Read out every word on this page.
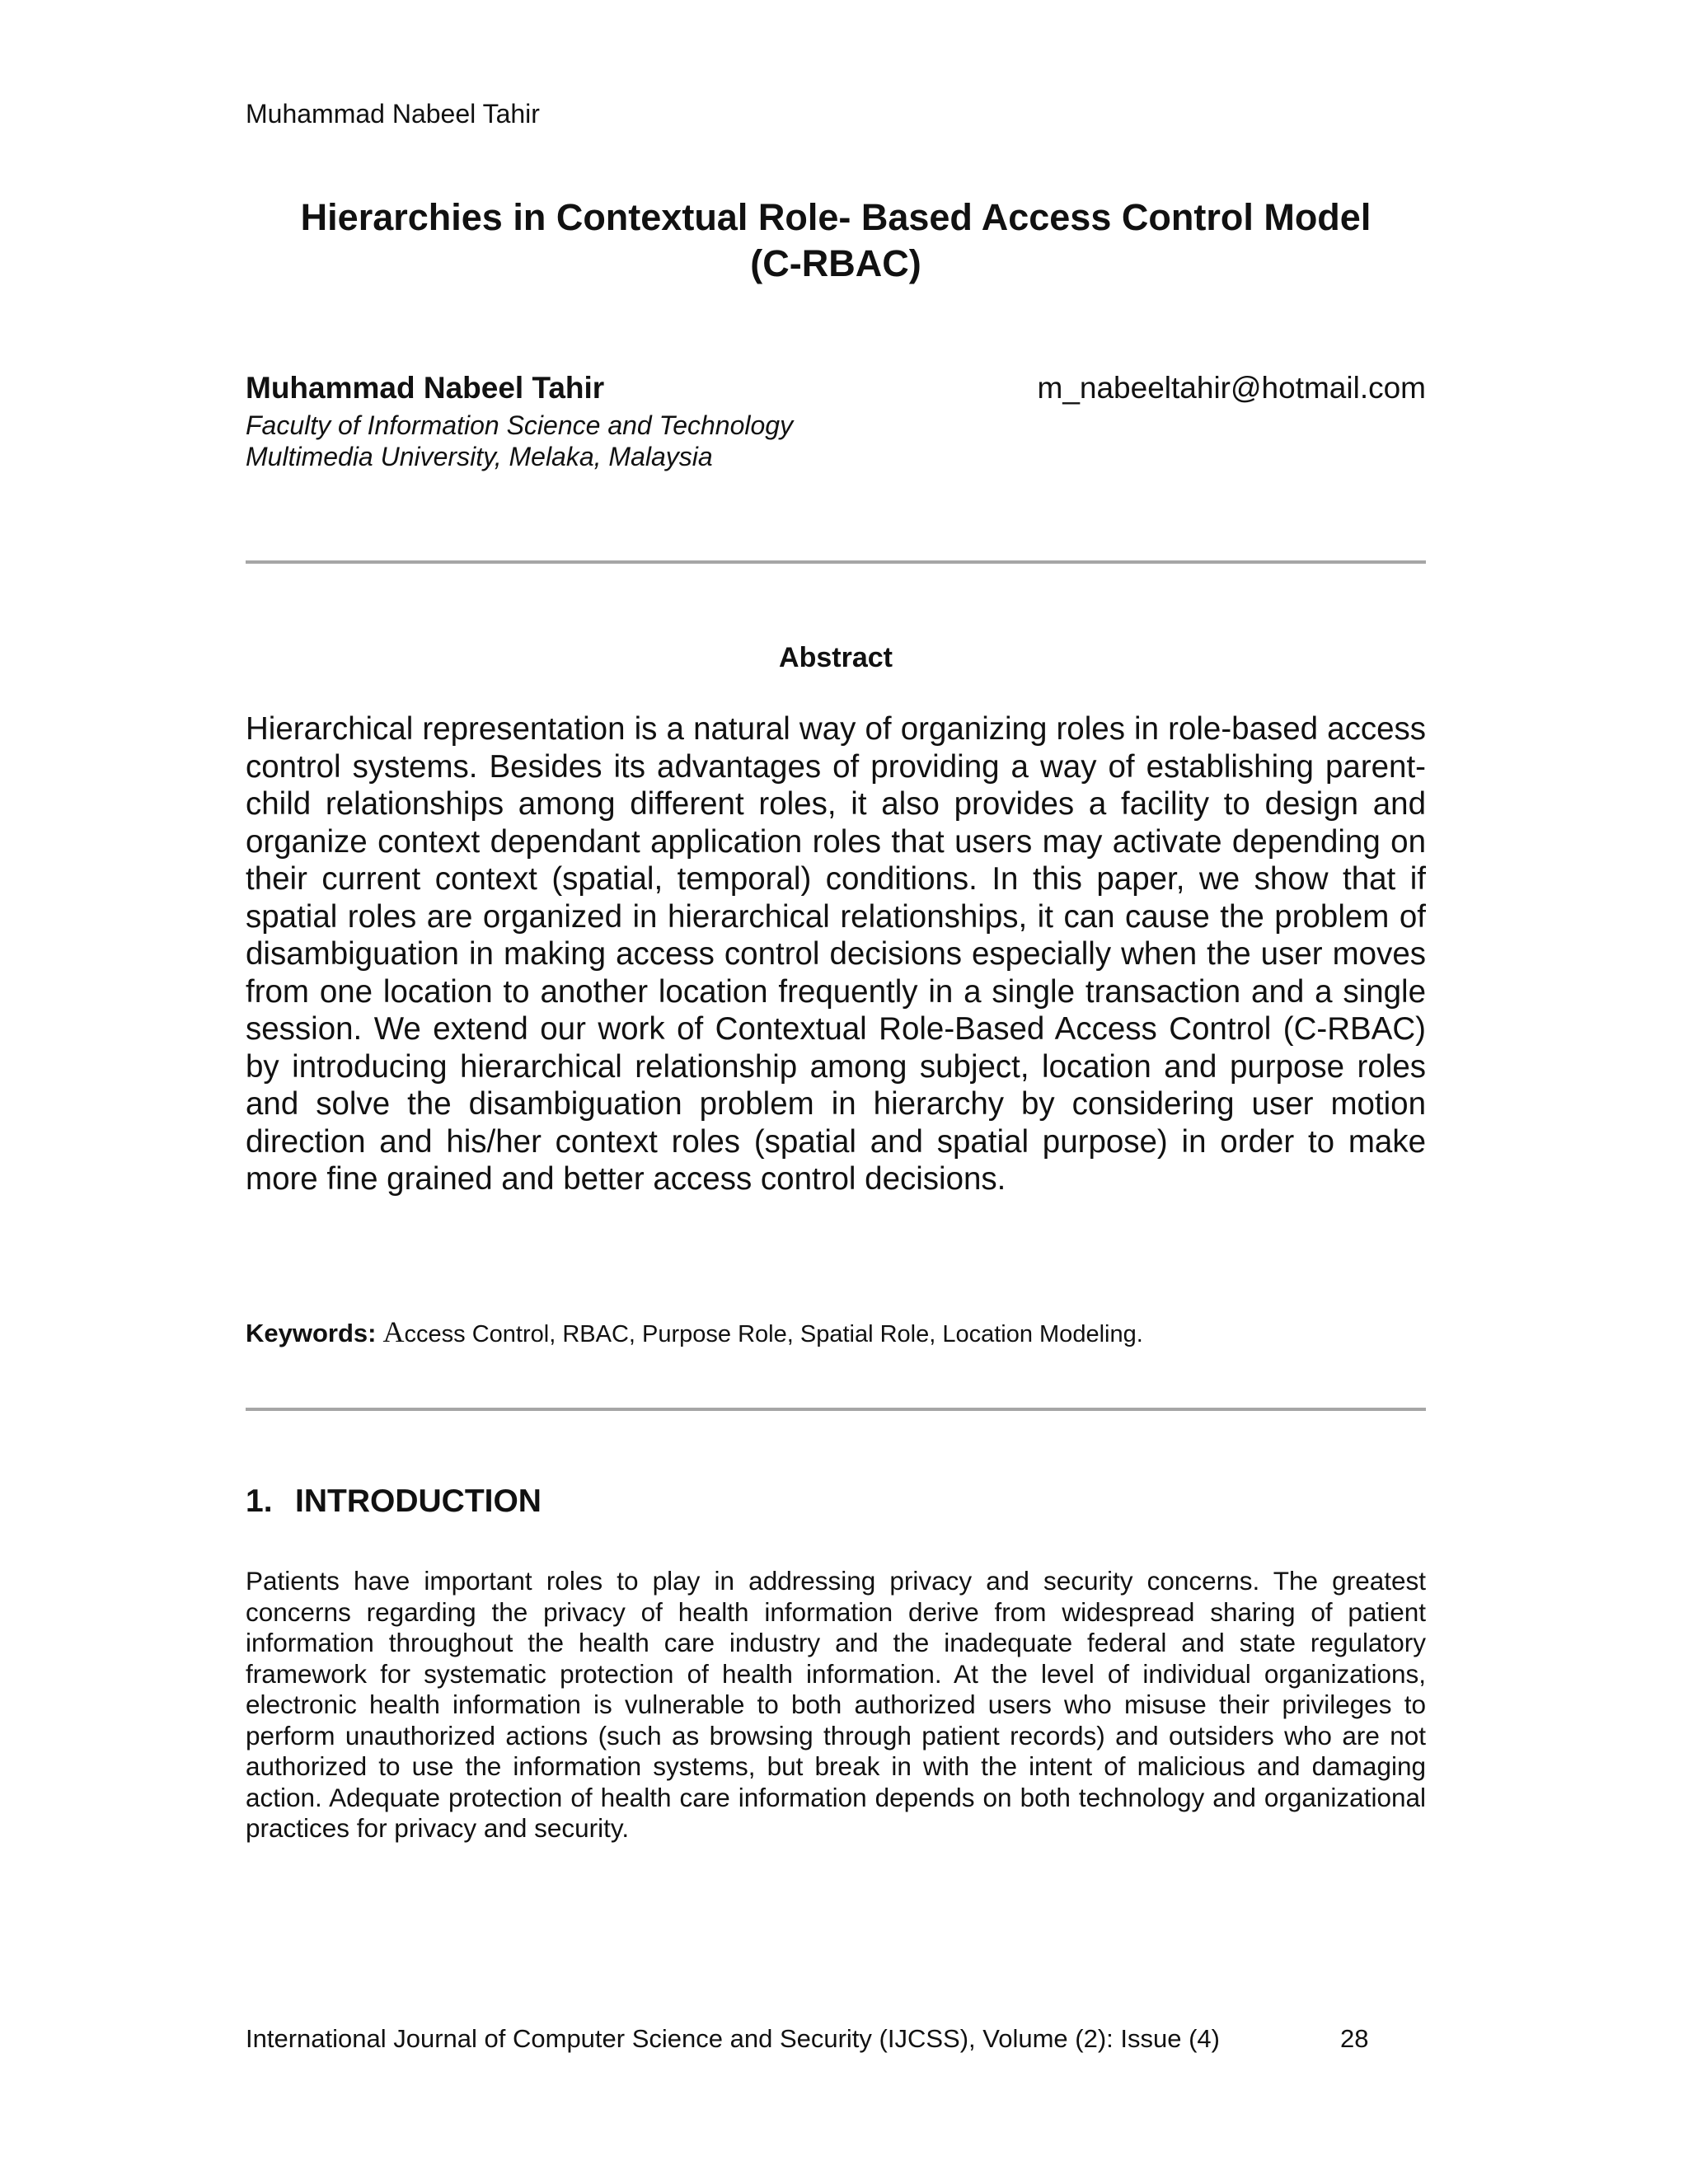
Muhammad Nabeel Tahir
Hierarchies in Contextual Role- Based Access Control Model
(C-RBAC)
Muhammad Nabeel Tahir	m_nabeeltahir@hotmail.com
Faculty of Information Science and Technology
Multimedia University, Melaka, Malaysia
Abstract
Hierarchical representation is a natural way of organizing roles in role-based access control systems. Besides its advantages of providing a way of establishing parent-child relationships among different roles, it also provides a facility to design and organize context dependant application roles that users may activate depending on their current context (spatial, temporal) conditions. In this paper, we show that if spatial roles are organized in hierarchical relationships, it can cause the problem of disambiguation in making access control decisions especially when the user moves from one location to another location frequently in a single transaction and a single session. We extend our work of Contextual Role-Based Access Control (C-RBAC) by introducing hierarchical relationship among subject, location and purpose roles and solve the disambiguation problem in hierarchy by considering user motion direction and his/her context roles (spatial and spatial purpose) in order to make more fine grained and better access control decisions.
Keywords: Access Control, RBAC, Purpose Role, Spatial Role, Location Modeling.
1. INTRODUCTION
Patients have important roles to play in addressing privacy and security concerns. The greatest concerns regarding the privacy of health information derive from widespread sharing of patient information throughout the health care industry and the inadequate federal and state regulatory framework for systematic protection of health information. At the level of individual organizations, electronic health information is vulnerable to both authorized users who misuse their privileges to perform unauthorized actions (such as browsing through patient records) and outsiders who are not authorized to use the information systems, but break in with the intent of malicious and damaging action. Adequate protection of health care information depends on both technology and organizational practices for privacy and security.
International Journal of Computer Science and Security (IJCSS), Volume (2): Issue (4)	28
